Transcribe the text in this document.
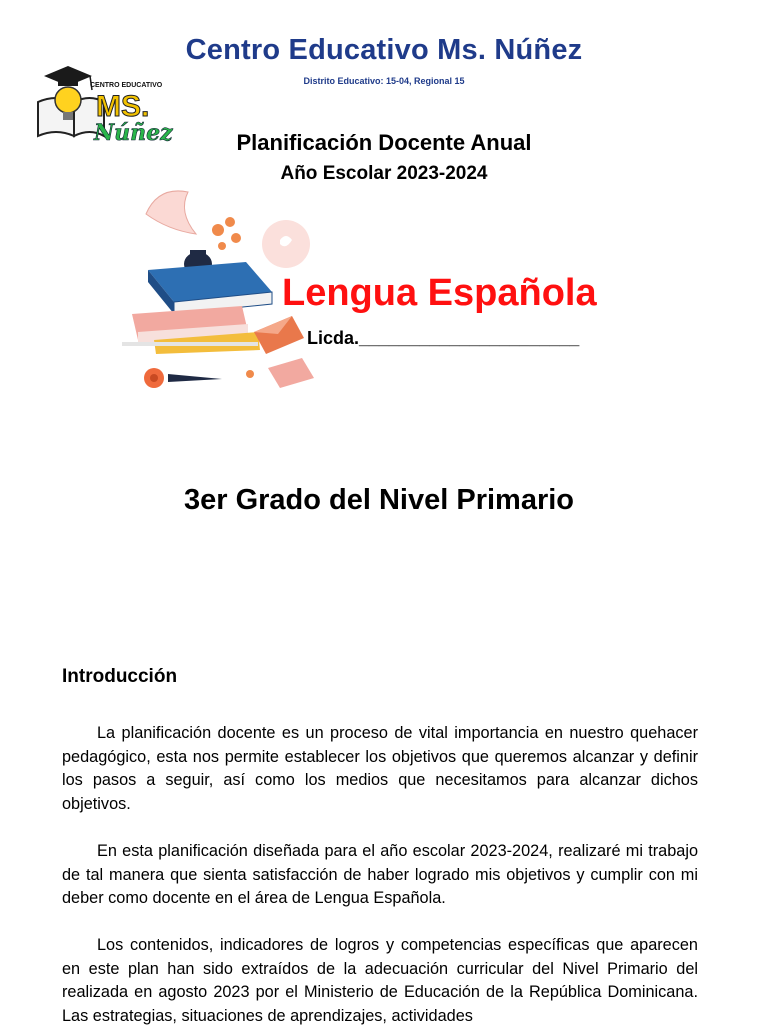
Centro Educativo Ms. Núñez
Distrito Educativo: 15-04, Regional 15
CENTRO EDUCATIVO
MS.
Núñez	Planificación Docente Anual
Año Escolar 2023-2024
Lengua Española
Licda.______________________
3er Grado del Nivel Primario
Introducción
La planificación docente es un proceso de vital importancia en nuestro quehacer pedagógico, esta nos permite establecer los objetivos que queremos alcanzar y definir los pasos a seguir, así como los medios que necesitamos para alcanzar dichos objetivos.
En esta planificación diseñada para el año escolar 2023-2024, realizaré mi trabajo de tal manera que sienta satisfacción de haber logrado mis objetivos y cumplir con mi deber como docente en el área de Lengua Española.
Los contenidos, indicadores de logros y competencias específicas que aparecen en este plan han sido extraídos de la adecuación curricular del Nivel Primario del realizada en agosto 2023 por el Ministerio de Educación de la República Dominicana. Las estrategias, situaciones de aprendizajes, actividades
